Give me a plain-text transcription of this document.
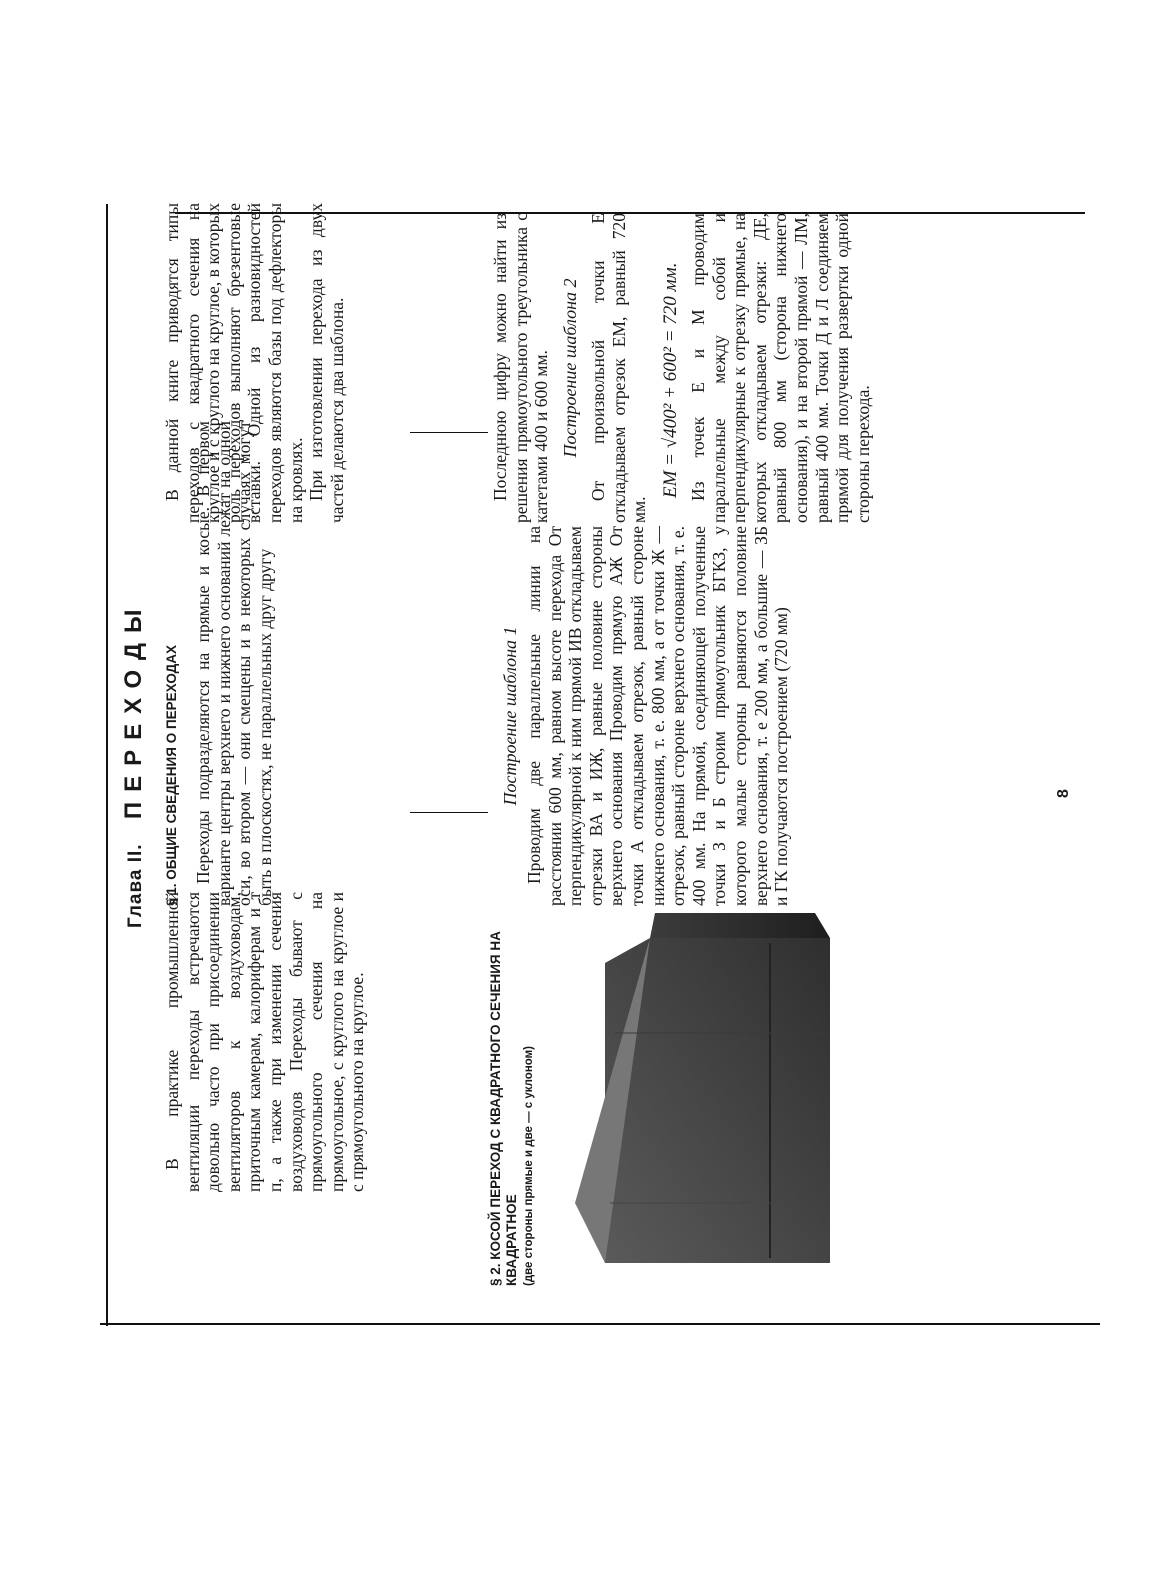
Глава II. ПЕРЕХОДЫ

В практике промышленной вентиляции переходы встречаются довольно часто при присоединении вентиляторов к воздуховодам, приточным камерам, калориферам и т п, а также при изменении сечения воздуховодов Переходы бывают с прямоугольного сечения на прямоугольное, с круглого на круглое и с прямоугольного на круглое.

§ 1. ОБЩИЕ СВЕДЕНИЯ О ПЕРЕХОДАХ Переходы подразделяются на прямые и косые. В первом варианте центры верхнего и нижнего оснований лежат на одной оси, во втором — они смещены и в некоторых случаях могут быть в плоскостях, не параллельных друг другу

В данной книге приводятся типы переходов с квадратного сечения на круглое и с круглого на круглое, в которых роль переходов выполняют брезентовые вставки. Одной из разновидностей переходов являются базы под дефлекторы на кровлях. При изготовлении перехода из двух частей делаются два шаблона.

§ 2. КОСОЙ ПЕРЕХОД С КВАДРАТНОГО СЕЧЕНИЯ НА КВАДРАТНОЕ (две стороны прямые и две — с уклоном)
Построение шаблона 1 Проводим две параллельные линии на расстоянии 600 мм, равном высоте перехода От перпендикулярной к ним прямой ИВ откладываем отрезки ВА и ИЖ, равные половине стороны верхнего основания Проводим прямую АЖ От точки А откладываем отрезок, равный стороне нижнего основания, т. е. 800 мм, а от точки Ж — отрезок, равный стороне верхнего основания, т. е. 400 мм. На прямой, соединяющей полученные точки З и Б строим прямоугольник БГКЗ, у которого малые стороны равняются половине верхнего основания, т. е 200 мм, а большие — ЗБ и ГК получаются построением (720 мм)

Последнюю цифру можно найти из решения прямоугольного треугольника с катетами 400 и 600 мм. Построение шаблона 2 От произвольной точки Е откладываем отрезок ЕМ, равный 720 мм.

ЕМ = √400² + 600² = 720 мм. Из точек Е и М проводим параллельные между собой и перпендикулярные к отрезку прямые, на которых откладываем отрезки: ДЕ, равный 800 мм (сторона нижнего основания), и на второй прямой — ЛМ, равный 400 мм. Точки Д и Л соединяем прямой для получения развертки одной стороны перехода.

8
